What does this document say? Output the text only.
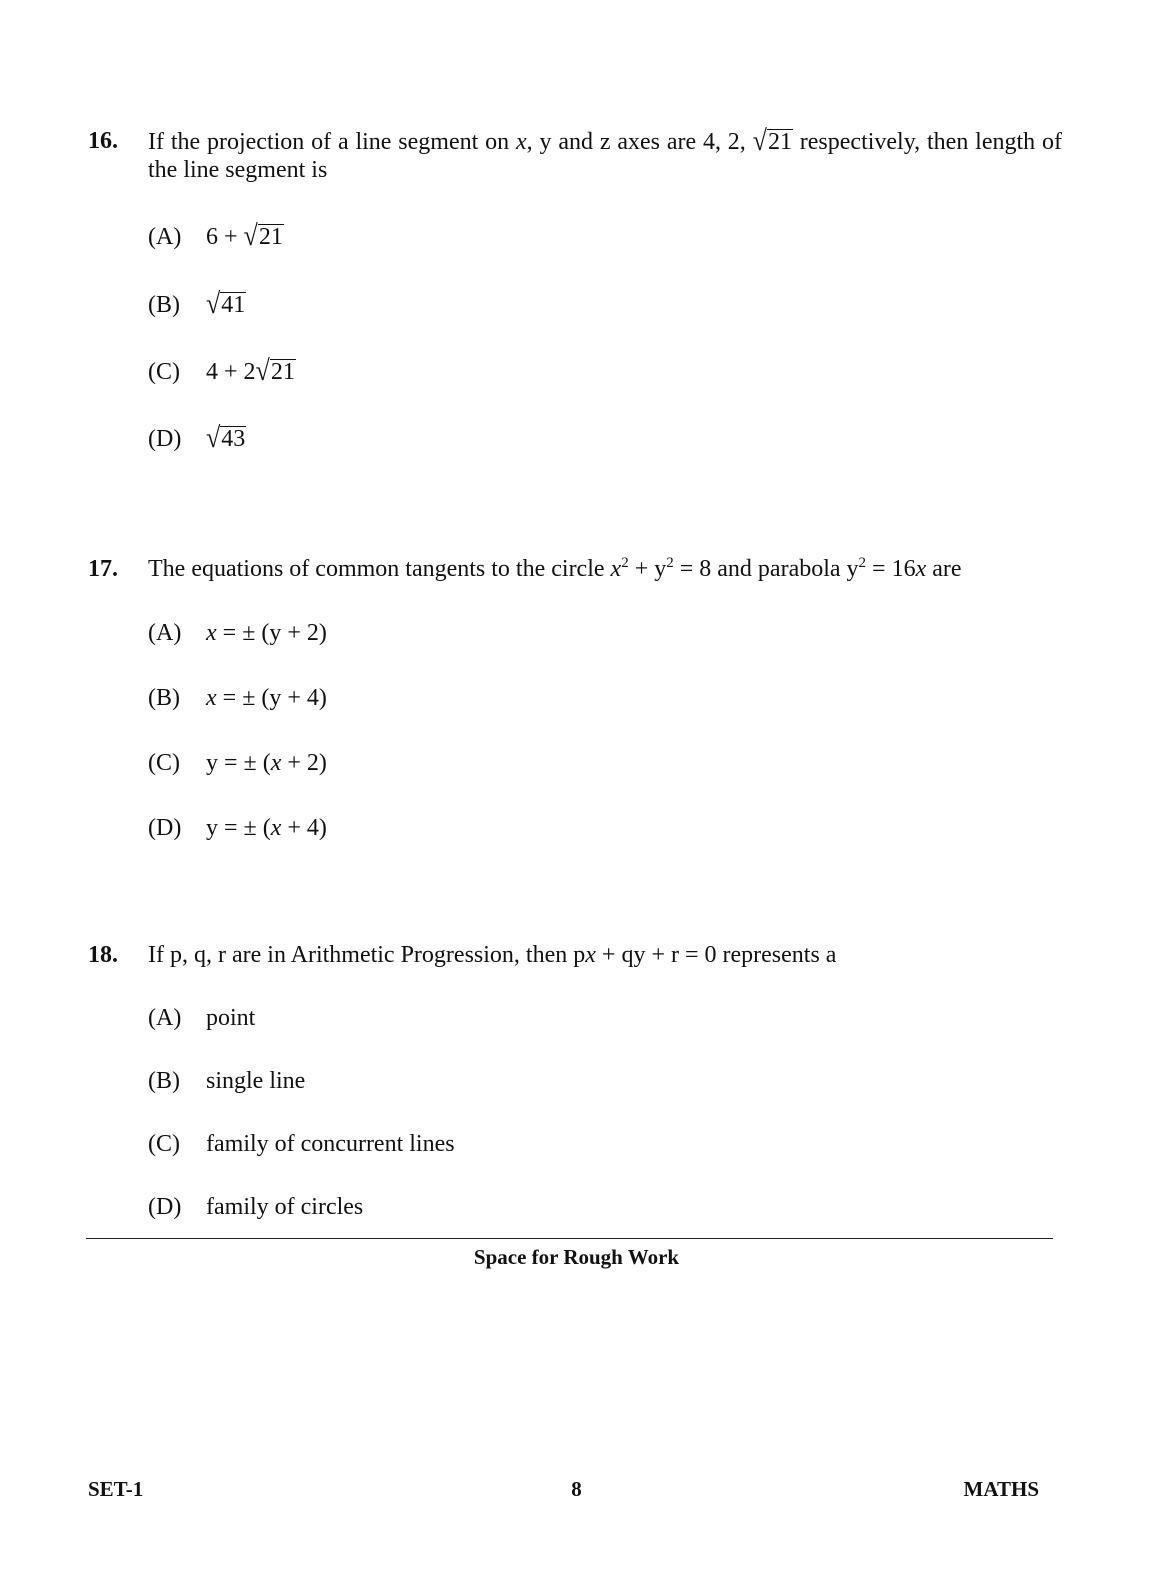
16. If the projection of a line segment on x, y and z axes are 4, 2, √21 respectively, then length of the line segment is
(A) 6 + √21
(B) √41
(C) 4 + 2√21
(D) √43
17. The equations of common tangents to the circle $x^2 + y^2 = 8$ and parabola $y^2 = 16x$ are
(A) x = ± (y + 2)
(B) x = ± (y + 4)
(C) y = ± (x + 2)
(D) y = ± (x + 4)
18. If p, q, r are in Arithmetic Progression, then px + qy + r = 0 represents a
(A) point
(B) single line
(C) family of concurrent lines
(D) family of circles
Space for Rough Work
SET-1	8	MATHS
